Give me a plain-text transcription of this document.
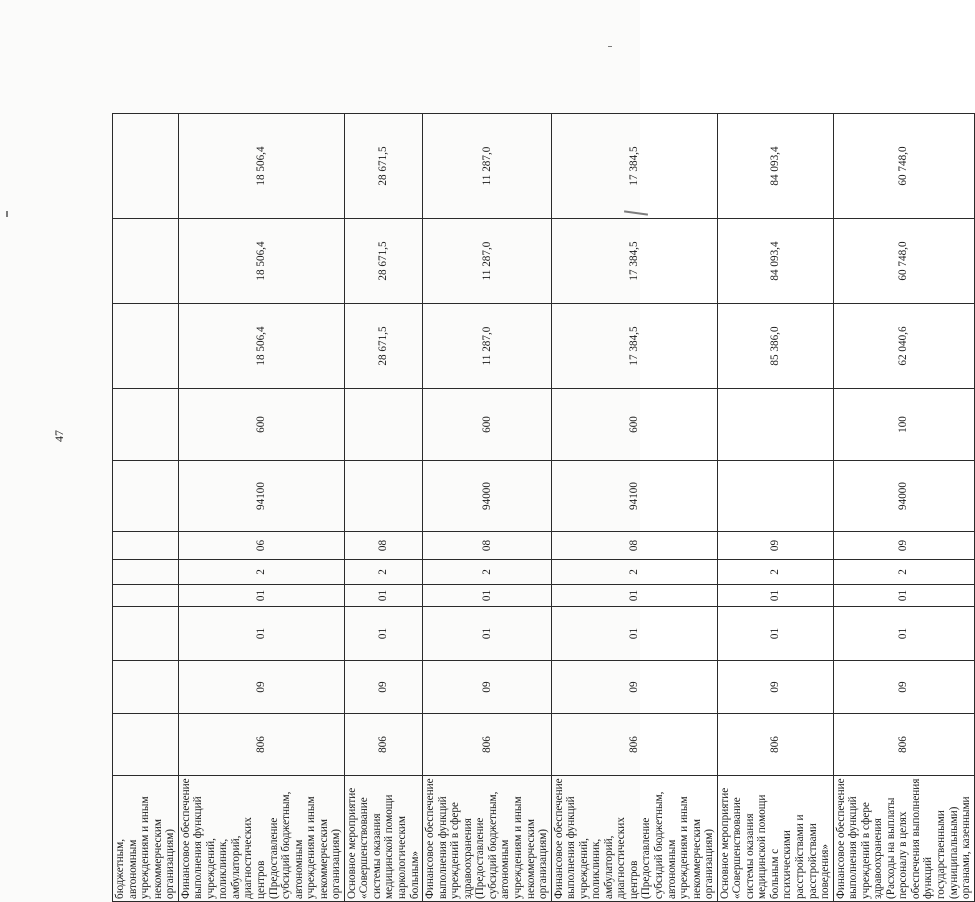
47
бюджетным, автономным учреждениям и иным некоммерческим организациям)											
Финансовое обеспечение выполнения функций учреждений, поликлиник, амбулаторий, диагностических центров (Предоставление субсидий бюджетным, автономным учреждениям и иным некоммерческим организациям)	806	09	01	01	2	06	94100	600	18 506,4	18 506,4	18 506,4
Основное мероприятие «Совершенствование системы оказания медицинской помощи наркологическим больным»	806	09	01	01	2	08			28 671,5	28 671,5	28 671,5
Финансовое обеспечение выполнения функций учреждений в сфере здравоохранения (Предоставление субсидий бюджетным, автономным учреждениям и иным некоммерческим организациям)	806	09	01	01	2	08	94000	600	11 287,0	11 287,0	11 287,0
Финансовое обеспечение выполнения функций учреждений, поликлиник, амбулаторий, диагностических центров (Предоставление субсидий бюджетным, автономным учреждениям и иным некоммерческим организациям)	806	09	01	01	2	08	94100	600	17 384,5	17 384,5	17 384,5
Основное мероприятие «Совершенствование системы оказания медицинской помощи больным с психическими расстройствами и расстройствами поведения»	806	09	01	01	2	09			85 386,0	84 093,4	84 093,4
Финансовое обеспечение выполнения функций учреждений в сфере здравоохранения (Расходы на выплаты персоналу в целях обеспечения выполнения функций государственными (муниципальными) органами, казенными	806	09	01	01	2	09	94000	100	62 040,6	60 748,0	60 748,0
